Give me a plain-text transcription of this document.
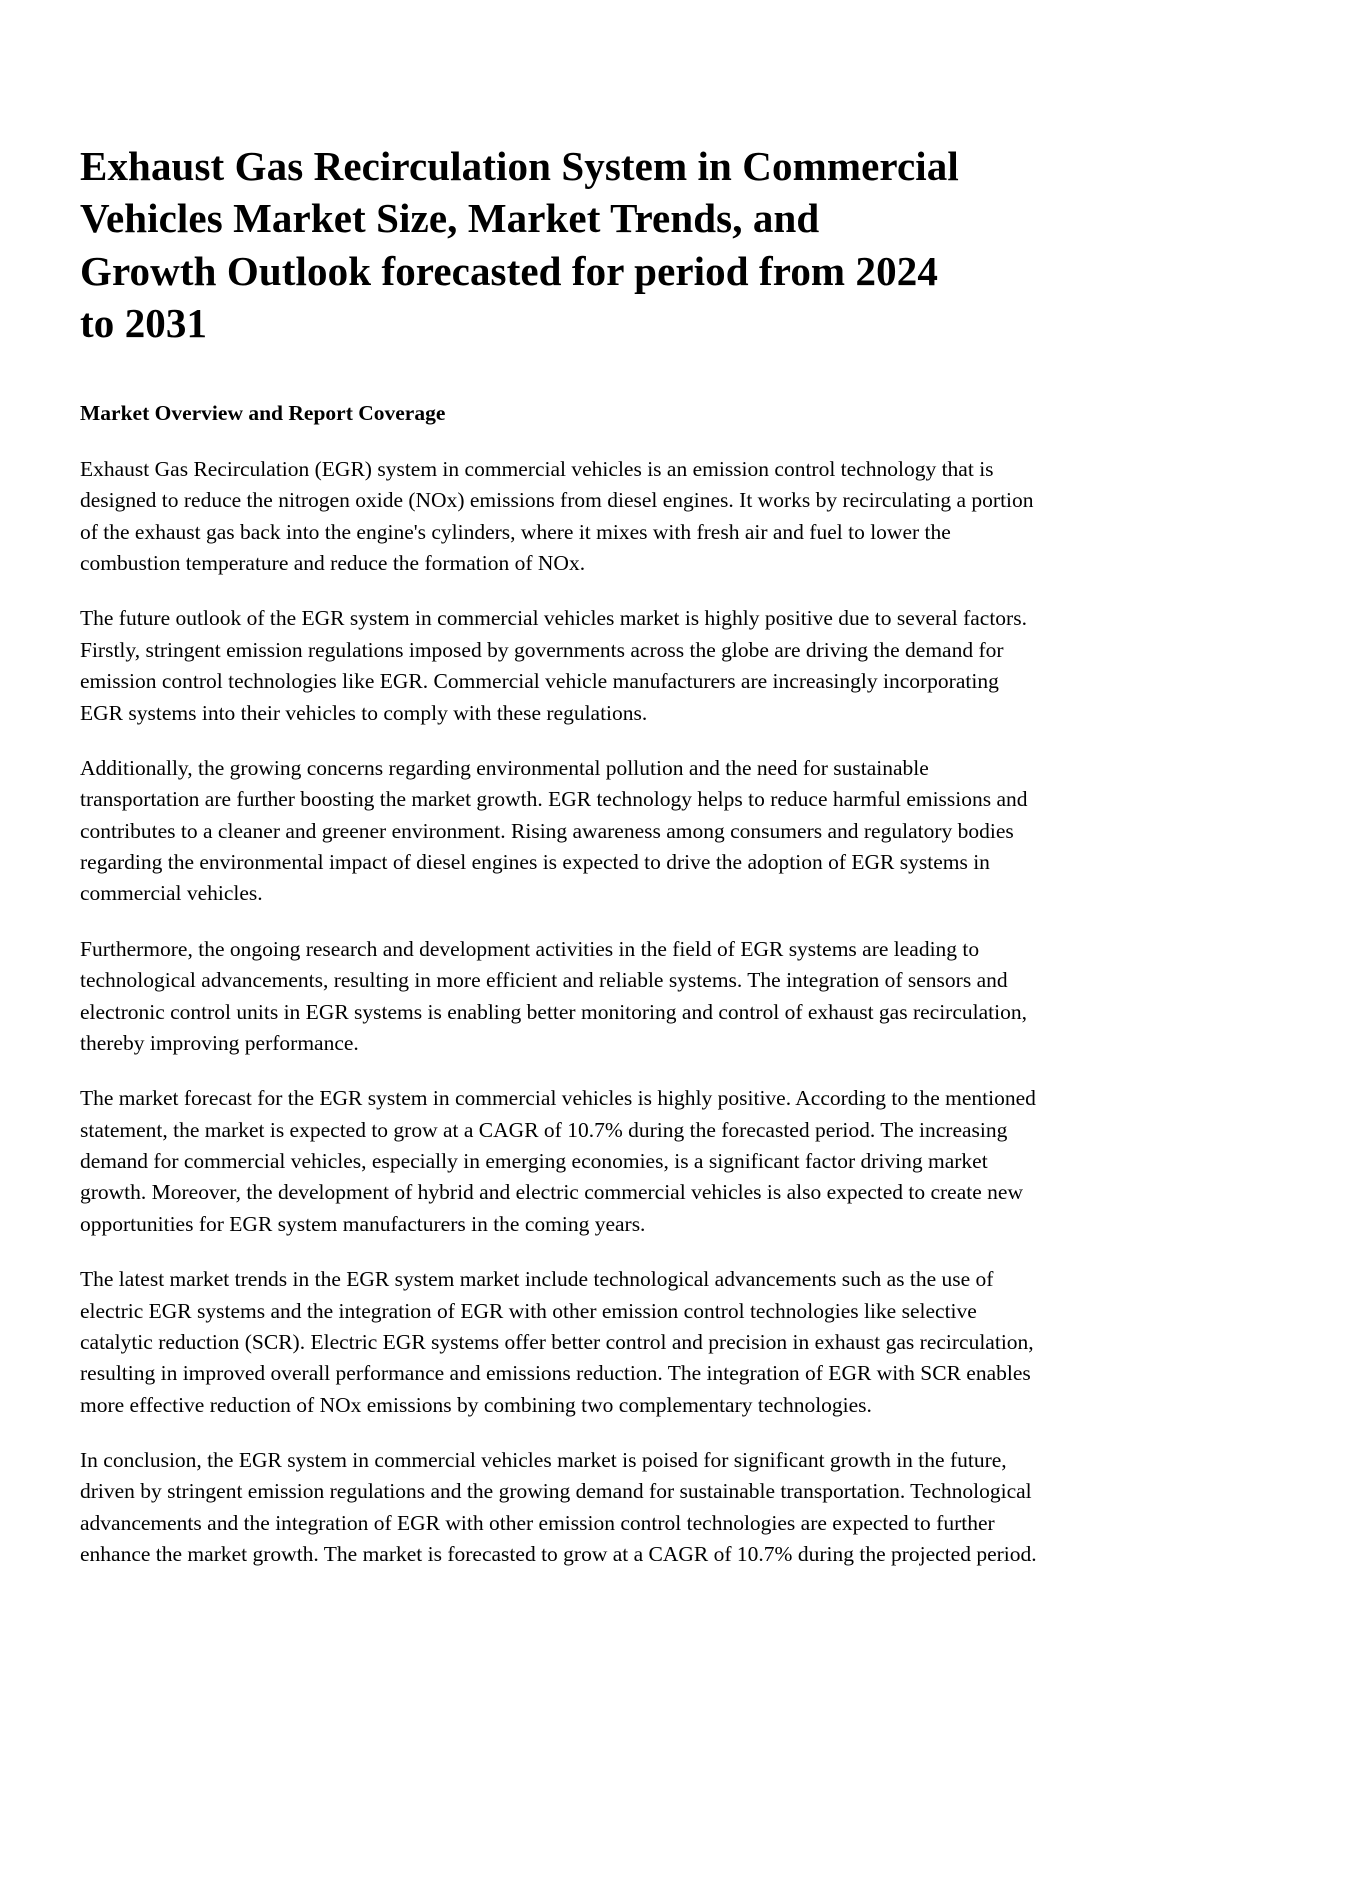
Exhaust Gas Recirculation System in Commercial Vehicles Market Size, Market Trends, and Growth Outlook forecasted for period from 2024 to 2031
Market Overview and Report Coverage

Exhaust Gas Recirculation (EGR) system in commercial vehicles is an emission control technology that is designed to reduce the nitrogen oxide (NOx) emissions from diesel engines. It works by recirculating a portion of the exhaust gas back into the engine's cylinders, where it mixes with fresh air and fuel to lower the combustion temperature and reduce the formation of NOx.

The future outlook of the EGR system in commercial vehicles market is highly positive due to several factors. Firstly, stringent emission regulations imposed by governments across the globe are driving the demand for emission control technologies like EGR. Commercial vehicle manufacturers are increasingly incorporating EGR systems into their vehicles to comply with these regulations.

Additionally, the growing concerns regarding environmental pollution and the need for sustainable transportation are further boosting the market growth. EGR technology helps to reduce harmful emissions and contributes to a cleaner and greener environment. Rising awareness among consumers and regulatory bodies regarding the environmental impact of diesel engines is expected to drive the adoption of EGR systems in commercial vehicles.

Furthermore, the ongoing research and development activities in the field of EGR systems are leading to technological advancements, resulting in more efficient and reliable systems. The integration of sensors and electronic control units in EGR systems is enabling better monitoring and control of exhaust gas recirculation, thereby improving performance.

The market forecast for the EGR system in commercial vehicles is highly positive. According to the mentioned statement, the market is expected to grow at a CAGR of 10.7% during the forecasted period. The increasing demand for commercial vehicles, especially in emerging economies, is a significant factor driving market growth. Moreover, the development of hybrid and electric commercial vehicles is also expected to create new opportunities for EGR system manufacturers in the coming years.

The latest market trends in the EGR system market include technological advancements such as the use of electric EGR systems and the integration of EGR with other emission control technologies like selective catalytic reduction (SCR). Electric EGR systems offer better control and precision in exhaust gas recirculation, resulting in improved overall performance and emissions reduction. The integration of EGR with SCR enables more effective reduction of NOx emissions by combining two complementary technologies.

In conclusion, the EGR system in commercial vehicles market is poised for significant growth in the future, driven by stringent emission regulations and the growing demand for sustainable transportation. Technological advancements and the integration of EGR with other emission control technologies are expected to further enhance the market growth. The market is forecasted to grow at a CAGR of 10.7% during the projected period.
